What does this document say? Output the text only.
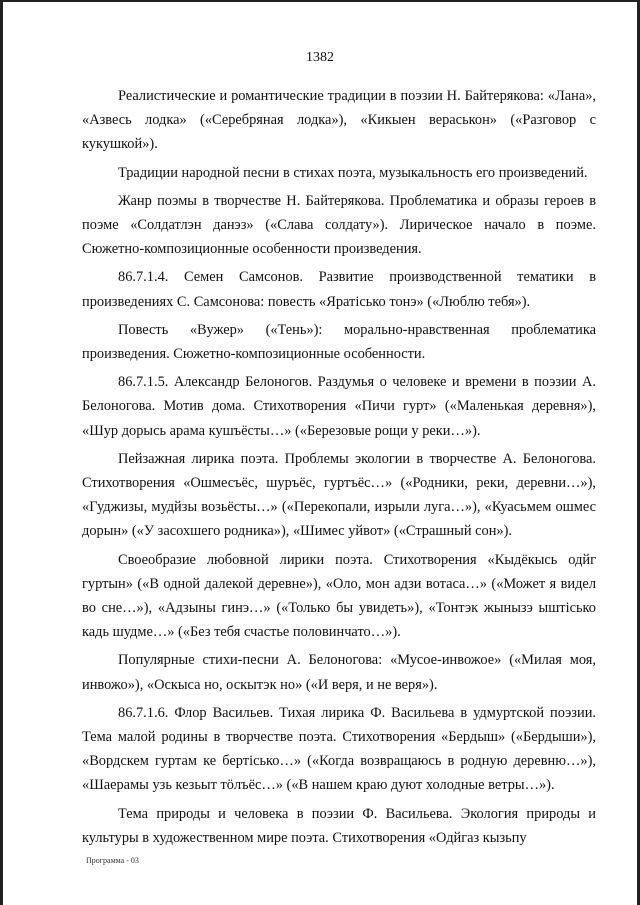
1382

Реалистические и романтические традиции в поэзии Н. Байтерякова: «Лана», «Азвесь лодка» («Серебряная лодка»), «Кикыен вераськон» («Разговор с кукушкой»).

Традиции народной песни в стихах поэта, музыкальность его произведений.

Жанр поэмы в творчестве Н. Байтерякова. Проблематика и образы героев в поэме «Солдатлэн данэз» («Слава солдату»). Лирическое начало в поэме. Сюжетно-композиционные особенности произведения.

86.7.1.4. Семен Самсонов. Развитие производственной тематики в произведениях С. Самсонова: повесть «Яратiсько тонэ» («Люблю тебя»).

Повесть «Вужер» («Тень»): морально-нравственная проблематика произведения. Сюжетно-композиционные особенности.

86.7.1.5. Александр Белоногов. Раздумья о человеке и времени в поэзии А. Белоногова. Мотив дома. Стихотворения «Пичи гурт» («Маленькая деревня»), «Шур дорысь арама кушъёсты…» («Березовые рощи у реки…»).

Пейзажная лирика поэта. Проблемы экологии в творчестве А. Белоногова. Стихотворения «Ошмесъёс, шуръёс, гуртъёс…» («Родники, реки, деревни…»), «Гуджизы, мудйзы возьёсты…» («Перекопали, изрыли луга…»), «Куасьмем ошмес дорын» («У засохшего родника»), «Шимес уйвот» («Страшный сон»).

Своеобразие любовной лирики поэта. Стихотворения «Кыдёкысь одйг гуртын» («В одной далекой деревне»), «Оло, мон адзи вотаса…» («Может я видел во сне…»), «Адзыны гинэ…» («Только бы увидеть»), «Тонтэк жынызэ ыштiсько кадь шудме…» («Без тебя счастье половинчато…»).

Популярные стихи-песни А. Белоногова: «Мусое-инвожое» («Милая моя, инвожо»), «Оскыса но, оскытэк но» («И веря, и не веря»).

86.7.1.6. Флор Васильев. Тихая лирика Ф. Васильева в удмуртской поэзии. Тема малой родины в творчестве поэта. Стихотворения «Бердыш» («Бердыши»), «Вордскем гуртам ке бертiсько…» («Когда возвращаюсь в родную деревню…»), «Шаерамы узь кезьыт тöлъёс…» («В нашем краю дуют холодные ветры…»).

Тема природы и человека в поэзии Ф. Васильева. Экология природы и культуры в художественном мире поэта. Стихотворения «Одйгаз кызьпу

Программа - 03
